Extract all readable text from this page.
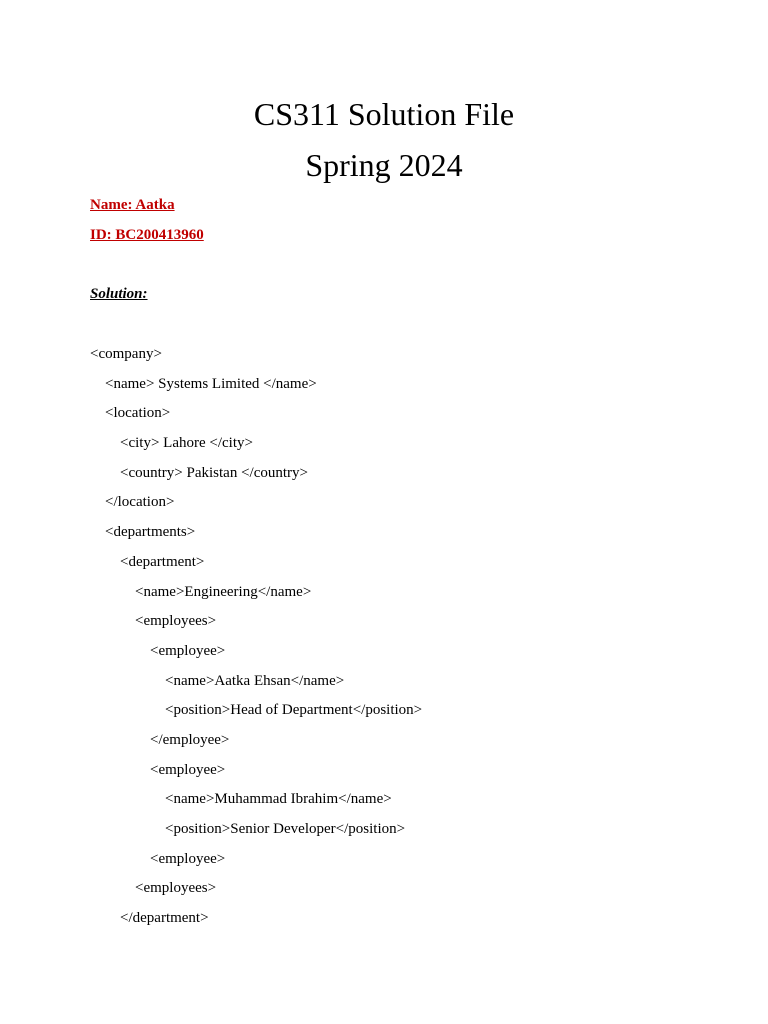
CS311 Solution File
Spring 2024
Name: Aatka
ID: BC200413960
Solution:
<company>
<name> Systems Limited </name>
<location>
<city> Lahore </city>
<country> Pakistan </country>
</location>
<departments>
<department>
<name>Engineering</name>
<employees>
<employee>
<name>Aatka Ehsan</name>
<position>Head of Department</position>
</employee>
<employee>
<name>Muhammad Ibrahim</name>
<position>Senior Developer</position>
<employee>
<employees>
</department>
